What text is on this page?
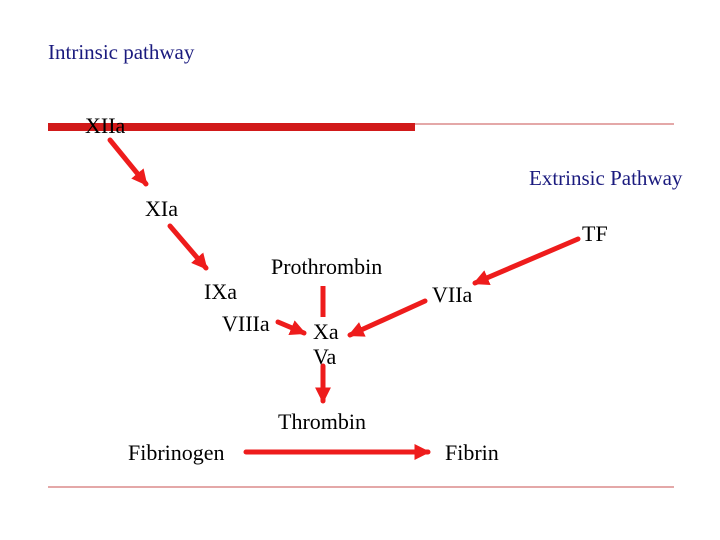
Intrinsic pathway
Extrinsic Pathway
XIIa
XIa
IXa
VIIIa
Prothrombin
TF
VIIa
Xa
Va
Thrombin
Fibrinogen	Fibrin
